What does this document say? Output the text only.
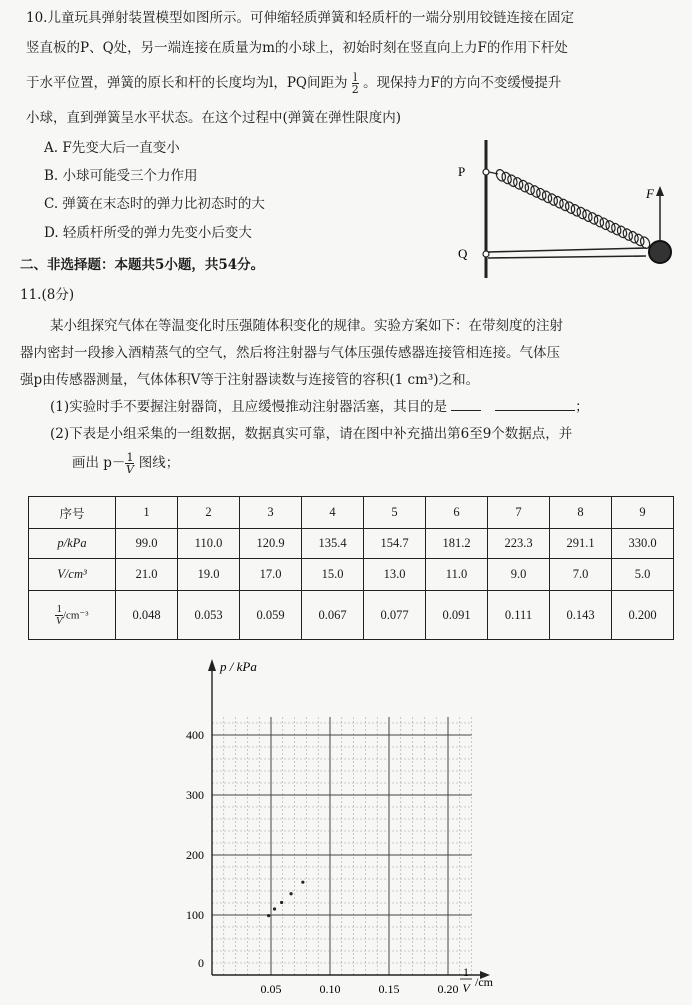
10.儿童玩具弹射装置模型如图所示。可伸缩轻质弹簧和轻质杆的一端分别用铰链连接在固定
竖直板的P、Q处，另一端连接在质量为m的小球上，初始时刻在竖直向上力F的作用下杆处
于水平位置，弹簧的原长和杆的长度均为l，PQ间距为 $\frac{l}{2}$ 。现保持力F的方向不变缓慢提升
小球，直到弹簧呈水平状态。在这个过程中(弹簧在弹性限度内)
A. F先变大后一直变小
B. 小球可能受三个力作用
C. 弹簧在末态时的弹力比初态时的大
D. 轻质杆所受的弹力先变小后变大
P
Q
F
二、非选择题：本题共5小题，共54分。
11.(8分)
某小组探究气体在等温变化时压强随体积变化的规律。实验方案如下：在带刻度的注射
器内密封一段掺入酒精蒸气的空气，然后将注射器与气体压强传感器连接管相连接。气体压
强p由传感器测量，气体体积V等于注射器读数与连接管的容积(1 cm³)之和。
(1)实验时手不要握注射器筒，且应缓慢推动注射器活塞，其目的是	；
(2)下表是小组采集的一组数据，数据真实可靠，请在图中补充描出第6至9个数据点，并
画出 $p- \frac{1}{V}$ 图线；
序号	1	2	3	4	5	6	7	8	9
p/kPa	99.0	110.0	120.9	135.4	154.7	181.2	223.3	291.1	330.0
V/cm³	21.0	19.0	17.0	15.0	13.0	11.0	9.0	7.0	5.0

$\frac{1}{V} /cm^{-3}$	0.048	0.053	0.059	0.067	0.077	0.091	0.111	0.143	0.200
p / kPa
0
0.05	0.10	0.15	0.20
100
200
300
400
1
V /cm
